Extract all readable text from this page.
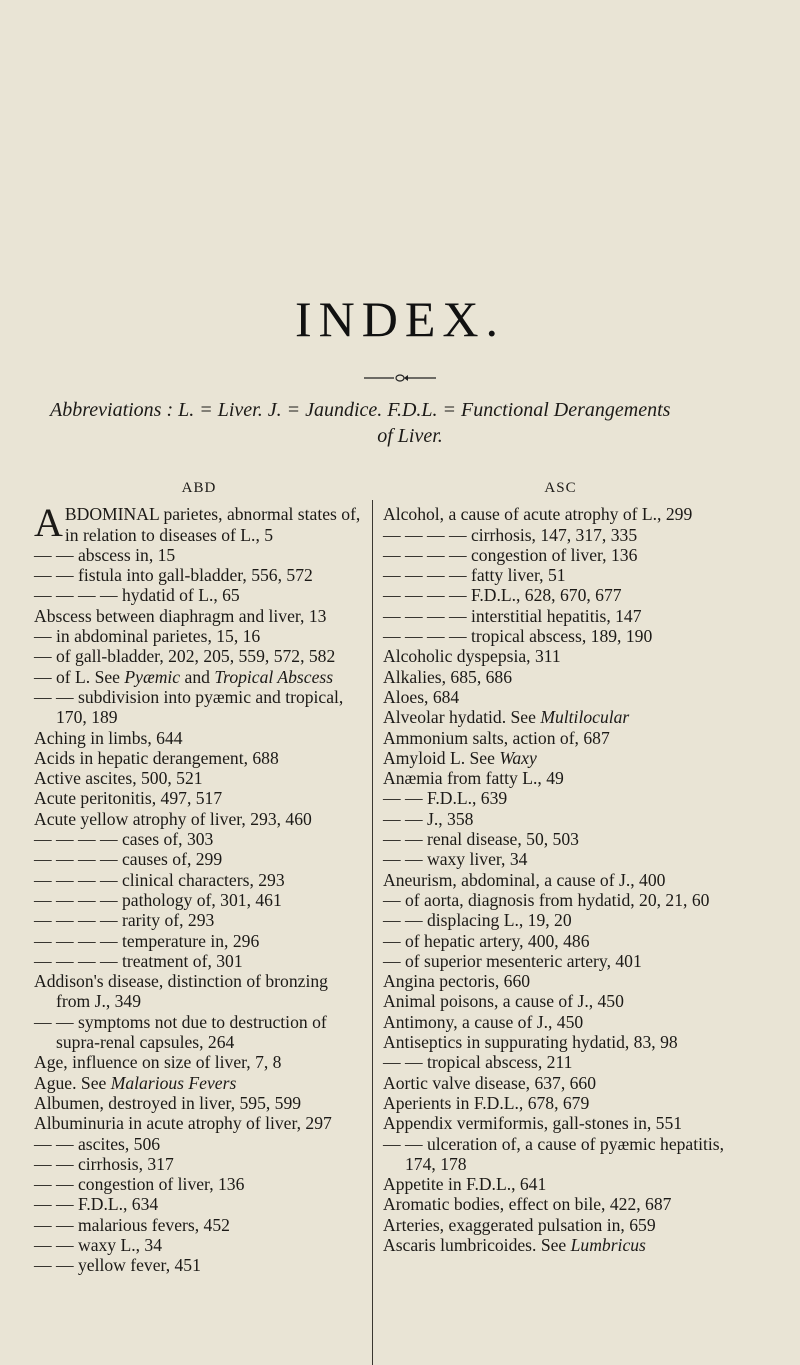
INDEX.
Abbreviations : L. = Liver. J. = Jaundice. F.D.L. = Functional Derangements
of Liver.
ABD
ABDOMINAL parietes, abnormal states of, in relation to diseases of L., 5
— — abscess in, 15
— — fistula into gall-bladder, 556, 572
— — — — hydatid of L., 65
Abscess between diaphragm and liver, 13
— in abdominal parietes, 15, 16
— of gall-bladder, 202, 205, 559, 572, 582
— of L. See Pyæmic and Tropical Abscess
— — subdivision into pyæmic and tropical, 170, 189
Aching in limbs, 644
Acids in hepatic derangement, 688
Active ascites, 500, 521
Acute peritonitis, 497, 517
Acute yellow atrophy of liver, 293, 460
— — — — cases of, 303
— — — — causes of, 299
— — — — clinical characters, 293
— — — — pathology of, 301, 461
— — — — rarity of, 293
— — — — temperature in, 296
— — — — treatment of, 301
Addison's disease, distinction of bronzing from J., 349
— — symptoms not due to destruction of supra-renal capsules, 264
Age, influence on size of liver, 7, 8
Ague. See Malarious Fevers
Albumen, destroyed in liver, 595, 599
Albuminuria in acute atrophy of liver, 297
— — ascites, 506
— — cirrhosis, 317
— — congestion of liver, 136
— — F.D.L., 634
— — malarious fevers, 452
— — waxy L., 34
— — yellow fever, 451
ASC
Alcohol, a cause of acute atrophy of L., 299
— — — — cirrhosis, 147, 317, 335
— — — — congestion of liver, 136
— — — — fatty liver, 51
— — — — F.D.L., 628, 670, 677
— — — — interstitial hepatitis, 147
— — — — tropical abscess, 189, 190
Alcoholic dyspepsia, 311
Alkalies, 685, 686
Aloes, 684
Alveolar hydatid. See Multilocular
Ammonium salts, action of, 687
Amyloid L. See Waxy
Anæmia from fatty L., 49
— — F.D.L., 639
— — J., 358
— — renal disease, 50, 503
— — waxy liver, 34
Aneurism, abdominal, a cause of J., 400
— of aorta, diagnosis from hydatid, 20, 21, 60
— — displacing L., 19, 20
— of hepatic artery, 400, 486
— of superior mesenteric artery, 401
Angina pectoris, 660
Animal poisons, a cause of J., 450
Antimony, a cause of J., 450
Antiseptics in suppurating hydatid, 83, 98
— — tropical abscess, 211
Aortic valve disease, 637, 660
Aperients in F.D.L., 678, 679
Appendix vermiformis, gall-stones in, 551
— — ulceration of, a cause of pyæmic hepatitis, 174, 178
Appetite in F.D.L., 641
Aromatic bodies, effect on bile, 422, 687
Arteries, exaggerated pulsation in, 659
Ascaris lumbricoides. See Lumbricus
